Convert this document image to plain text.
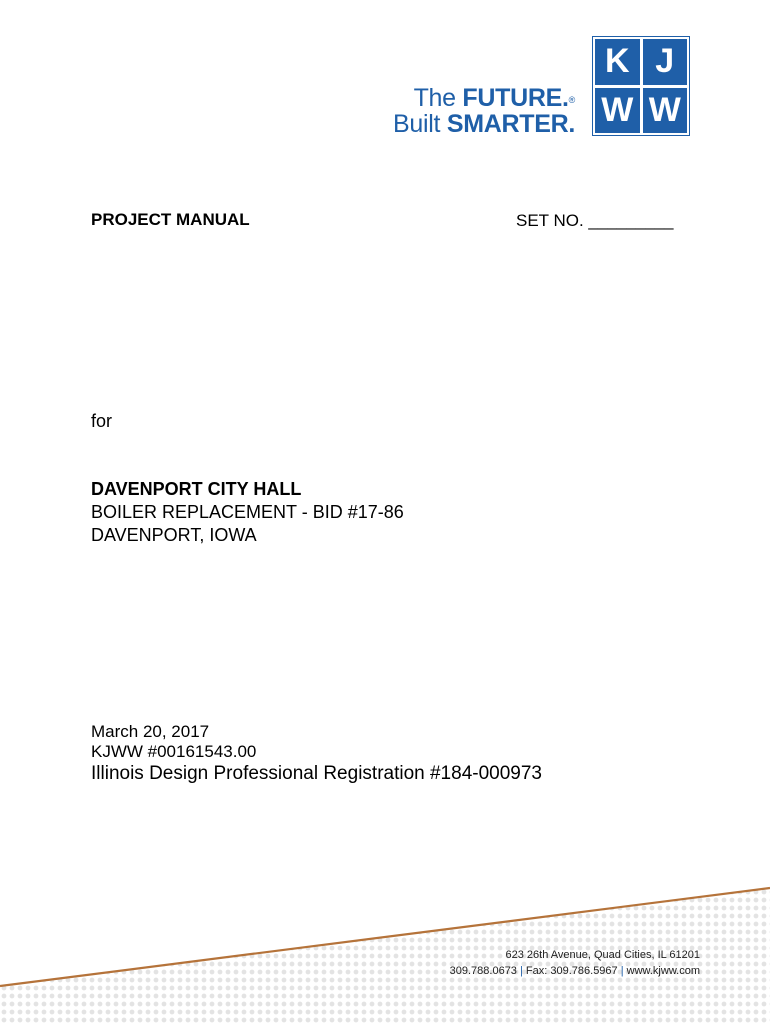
The FUTURE.®
Built SMARTER.
K J
W W
PROJECT MANUAL	SET NO. _________
for
DAVENPORT CITY HALL
BOILER REPLACEMENT - BID #17-86
DAVENPORT, IOWA
March 20, 2017
KJWW #00161543.00
Illinois Design Professional Registration #184-000973
623 26th Avenue, Quad Cities, IL 61201
309.788.0673 | Fax: 309.786.5967 | www.kjww.com
